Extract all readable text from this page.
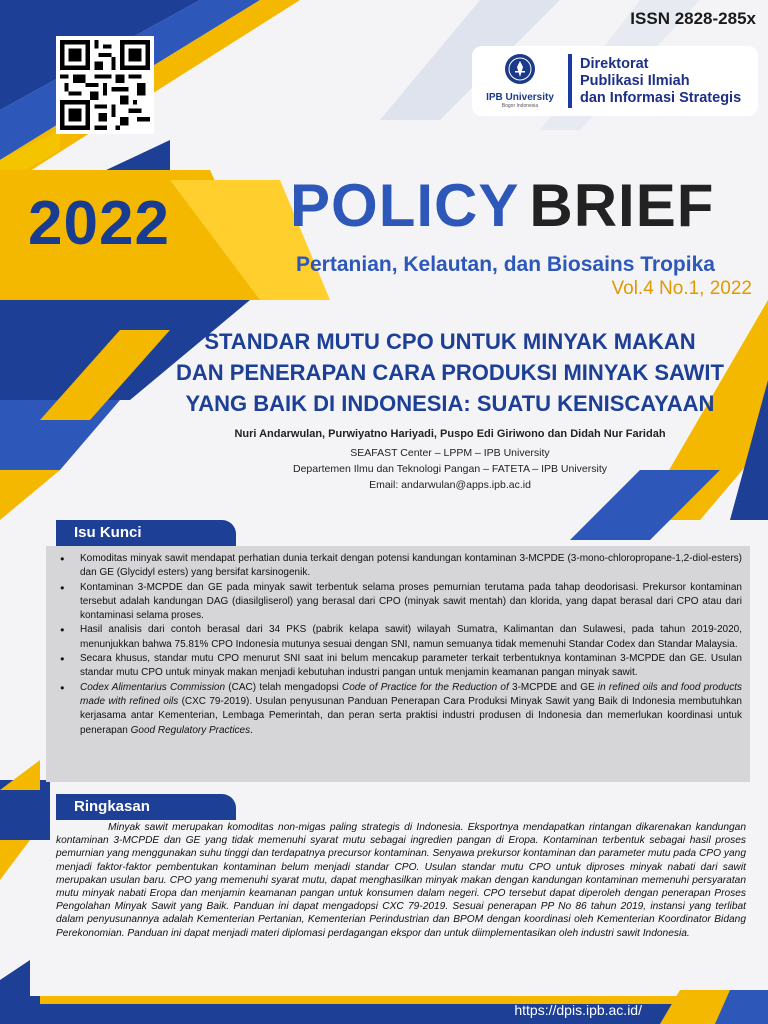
ISSN 2828-285x
IPB University
Bogor Indonesia
Direktorat
Publikasi Ilmiah
dan Informasi Strategis
2022 POLICY BRIEF
Pertanian, Kelautan, dan Biosains Tropika
Vol.4 No.1, 2022
STANDAR MUTU CPO UNTUK MINYAK MAKAN
DAN PENERAPAN CARA PRODUKSI MINYAK SAWIT
YANG BAIK DI INDONESIA: SUATU KENISCAYAAN
Nuri Andarwulan, Purwiyatno Hariyadi, Puspo Edi Giriwono dan Didah Nur Faridah
SEAFAST Center – LPPM – IPB University
Departemen Ilmu dan Teknologi Pangan – FATETA – IPB University
Email: andarwulan@apps.ipb.ac.id
Isu Kunci
● Komoditas minyak sawit mendapat perhatian dunia terkait dengan potensi kandungan kontaminan 3-MCPDE (3-mono-chloropropane-1,2-diol-esters) dan GE (Glycidyl esters) yang bersifat karsinogenik.
● Kontaminan 3-MCPDE dan GE pada minyak sawit terbentuk selama proses pemurnian terutama pada tahap deodorisasi. Prekursor kontaminan tersebut adalah kandungan DAG (diasilgliserol) yang berasal dari CPO (minyak sawit mentah) dan klorida, yang dapat berasal dari CPO atau dari kontaminasi selama proses.
● Hasil analisis dari contoh berasal dari 34 PKS (pabrik kelapa sawit) wilayah Sumatra, Kalimantan dan Sulawesi, pada tahun 2019-2020, menunjukkan bahwa 75.81% CPO Indonesia mutunya sesuai dengan SNI, namun semuanya tidak memenuhi Standar Codex dan Standar Malaysia.
● Secara khusus, standar mutu CPO menurut SNI saat ini belum mencakup parameter terkait terbentuknya kontaminan 3-MCPDE dan GE. Usulan standar mutu CPO untuk minyak makan menjadi kebutuhan industri pangan untuk menjamin keamanan pangan minyak sawit.
● Codex Alimentarius Commission (CAC) telah mengadopsi Code of Practice for the Reduction of 3-MCPDE and GE in refined oils and food products made with refined oils (CXC 79-2019). Usulan penyusunan Panduan Penerapan Cara Produksi Minyak Sawit yang Baik di Indonesia membutuhkan kerjasama antar Kementerian, Lembaga Pemerintah, dan peran serta praktisi industri produsen di Indonesia dan memerlukan koordinasi untuk penerapan Good Regulatory Practices.
Ringkasan
Minyak sawit merupakan komoditas non-migas paling strategis di Indonesia. Eksportnya mendapatkan rintangan dikarenakan kandungan kontaminan 3-MCPDE dan GE yang tidak memenuhi syarat mutu sebagai ingredien pangan di Eropa. Kontaminan terbentuk sebagai hasil proses pemurnian yang menggunakan suhu tinggi dan terdapatnya precursor kontaminan. Senyawa prekursor kontaminan dan parameter mutu pada CPO yang menjadi faktor-faktor pembentukan kontaminan belum menjadi standar CPO. Usulan standar mutu CPO untuk diproses minyak nabati dari sawit merupakan usulan baru. CPO yang memenuhi syarat mutu, dapat menghasilkan minyak makan dengan kandungan kontaminan memenuhi persyaratan mutu minyak nabati Eropa dan menjamin keamanan pangan untuk konsumen dalam negeri. CPO tersebut dapat diperoleh dengan penerapan Proses Pengolahan Minyak Sawit yang Baik. Panduan ini dapat mengadopsi CXC 79-2019. Sesuai penerapan PP No 86 tahun 2019, instansi yang terlibat dalam penyusunannya adalah Kementerian Pertanian, Kementerian Perindustrian dan BPOM dengan koordinasi oleh Kementerian Koordinator Bidang Perekonomian. Panduan ini dapat menjadi materi diplomasi perdagangan ekspor dan untuk diimplementasikan oleh industri sawit Indonesia.
https://dpis.ipb.ac.id/
